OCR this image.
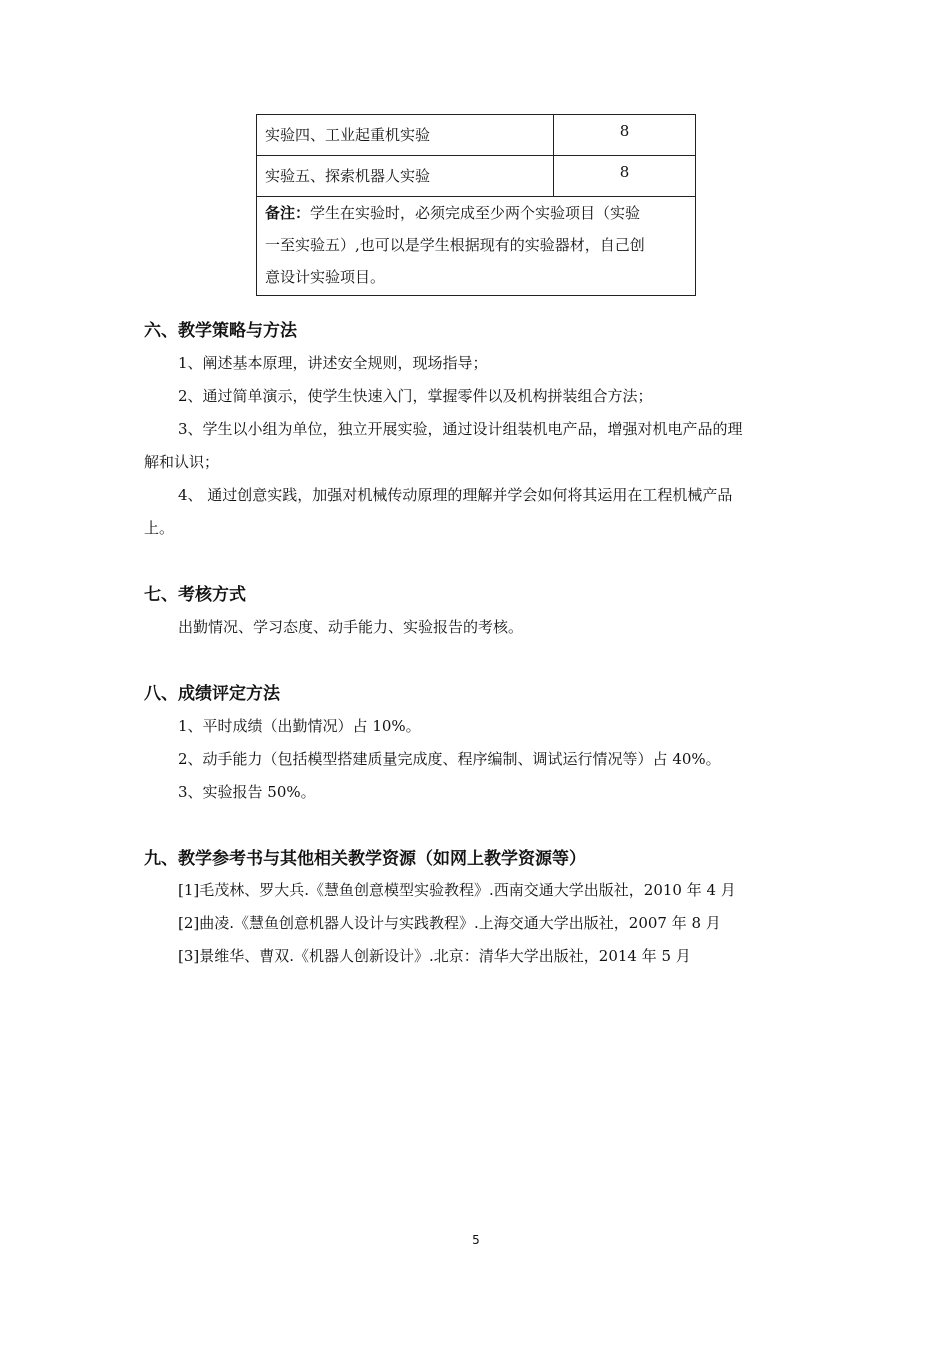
实验四、工业起重机实验	8
实验五、探索机器人实验	8
备注：学生在实验时，必须完成至少两个实验项目（实验
一至实验五）,也可以是学生根据现有的实验器材，自己创
意设计实验项目。	
六、教学策略与方法
1、阐述基本原理，讲述安全规则，现场指导；
2、通过简单演示，使学生快速入门，掌握零件以及机构拼装组合方法；
3、学生以小组为单位，独立开展实验，通过设计组装机电产品，增强对机电产品的理
解和认识；
4、 通过创意实践，加强对机械传动原理的理解并学会如何将其运用在工程机械产品
上。
七、考核方式
出勤情况、学习态度、动手能力、实验报告的考核。
八、成绩评定方法
1、平时成绩（出勤情况）占 10%。
2、动手能力（包括模型搭建质量完成度、程序编制、调试运行情况等）占 40%。
3、实验报告 50%。
九、教学参考书与其他相关教学资源（如网上教学资源等）
[1]毛茂林、罗大兵.《慧鱼创意模型实验教程》.西南交通大学出版社，2010 年 4 月
[2]曲凌.《慧鱼创意机器人设计与实践教程》.上海交通大学出版社，2007 年 8 月
[3]景维华、曹双.《机器人创新设计》.北京：清华大学出版社，2014 年 5 月
5
